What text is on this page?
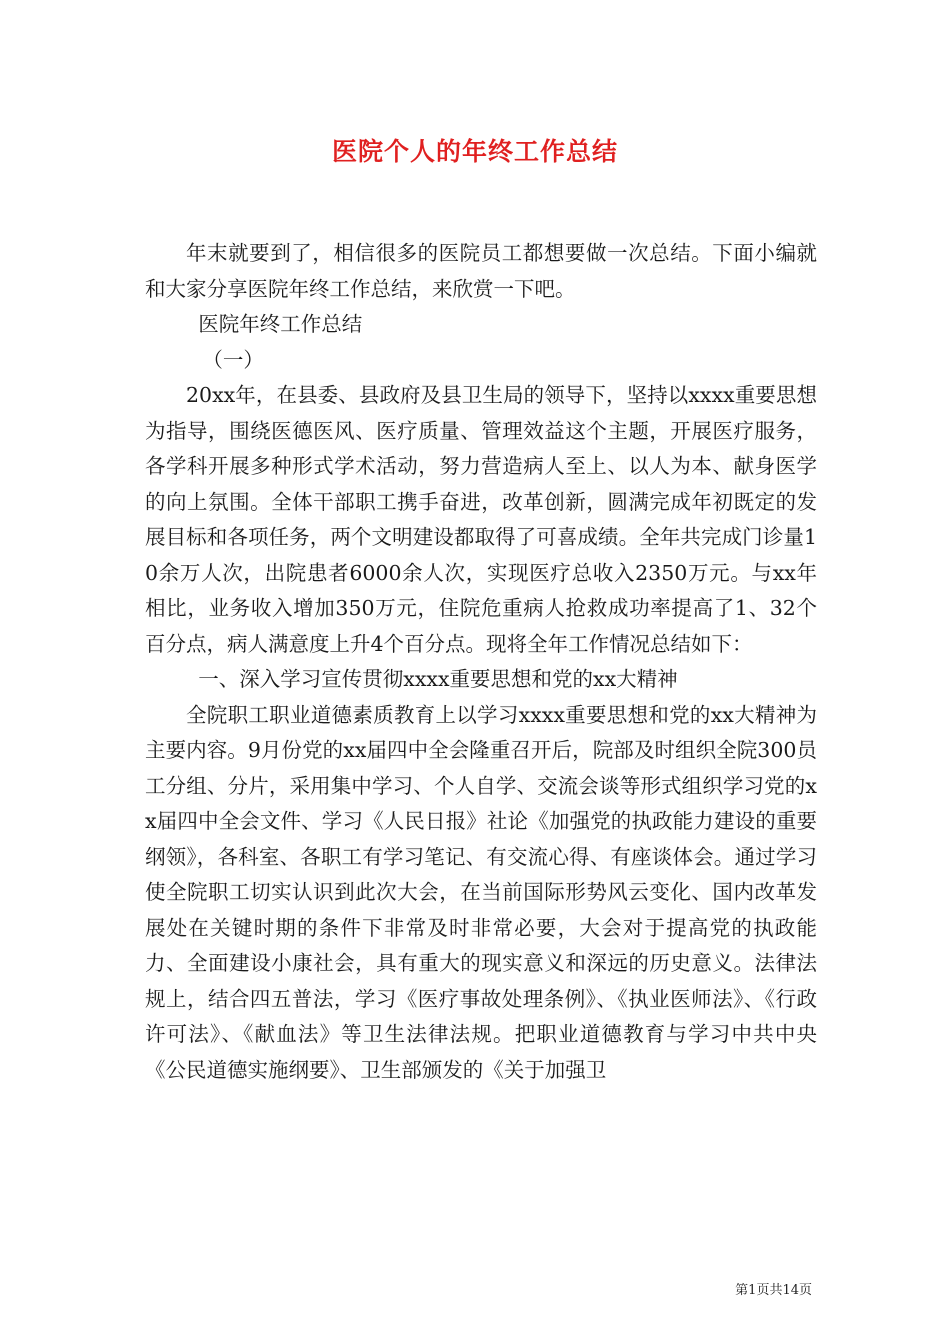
医院个人的年终工作总结

年末就要到了，相信很多的医院员工都想要做一次总结。下面小编就和大家分享医院年终工作总结，来欣赏一下吧。

医院年终工作总结

（一）

20xx年，在县委、县政府及县卫生局的领导下，坚持以xxxx重要思想为指导，围绕医德医风、医疗质量、管理效益这个主题，开展医疗服务，各学科开展多种形式学术活动，努力营造病人至上、以人为本、献身医学的向上氛围。全体干部职工携手奋进，改革创新，圆满完成年初既定的发展目标和各项任务，两个文明建设都取得了可喜成绩。全年共完成门诊量10余万人次，出院患者6000余人次，实现医疗总收入2350万元。与xx年相比，业务收入增加350万元，住院危重病人抢救成功率提高了1、32个百分点，病人满意度上升4个百分点。现将全年工作情况总结如下：

一、深入学习宣传贯彻xxxx重要思想和党的xx大精神

全院职工职业道德素质教育上以学习xxxx重要思想和党的xx大精神为主要内容。9月份党的xx届四中全会隆重召开后，院部及时组织全院300员工分组、分片，采用集中学习、个人自学、交流会谈等形式组织学习党的xx届四中全会文件、学习《人民日报》社论《加强党的执政能力建设的重要纲领》，各科室、各职工有学习笔记、有交流心得、有座谈体会。通过学习使全院职工切实认识到此次大会，在当前国际形势风云变化、国内改革发展处在关键时期的条件下非常及时非常必要，大会对于提高党的执政能力、全面建设小康社会，具有重大的现实意义和深远的历史意义。法律法规上，结合四五普法，学习《医疗事故处理条例》、《执业医师法》、《行政许可法》、《献血法》等卫生法律法规。把职业道德教育与学习中共中央《公民道德实施纲要》、卫生部颁发的《关于加强卫

第1页共14页
